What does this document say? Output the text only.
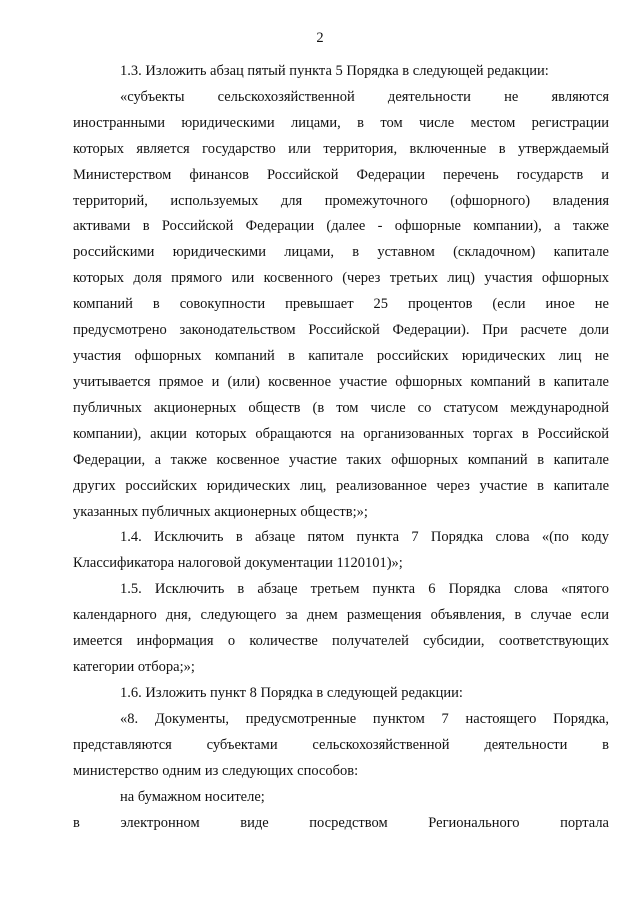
2
1.3. Изложить абзац пятый пункта 5 Порядка в следующей редакции:
«субъекты сельскохозяйственной деятельности не являются
иностранными юридическими лицами, в том числе местом регистрации
которых является государство или территория, включенные в утверждаемый
Министерством финансов Российской Федерации перечень государств и
территорий, используемых для промежуточного (офшорного) владения
активами в Российской Федерации (далее - офшорные компании), а также
российскими юридическими лицами, в уставном (складочном) капитале
которых доля прямого или косвенного (через третьих лиц) участия офшорных
компаний в совокупности превышает 25 процентов (если иное не
предусмотрено законодательством Российской Федерации). При расчете доли
участия офшорных компаний в капитале российских юридических лиц не
учитывается прямое и (или) косвенное участие офшорных компаний в капитале
публичных акционерных обществ (в том числе со статусом международной
компании), акции которых обращаются на организованных торгах в Российской
Федерации, а также косвенное участие таких офшорных компаний в капитале
других российских юридических лиц, реализованное через участие в капитале
указанных публичных акционерных обществ;»;
1.4. Исключить в абзаце пятом пункта 7 Порядка слова «(по коду
Классификатора налоговой документации 1120101)»;
1.5. Исключить в абзаце третьем пункта 6 Порядка слова «пятого
календарного дня, следующего за днем размещения объявления, в случае если
имеется информация о количестве получателей субсидии, соответствующих
категории отбора;»;
1.6. Изложить пункт 8 Порядка в следующей редакции:
«8. Документы, предусмотренные пунктом 7 настоящего Порядка,
представляются субъектами сельскохозяйственной деятельности в
министерство одним из следующих способов:
на бумажном носителе;
в электронном виде посредством Регионального портала
